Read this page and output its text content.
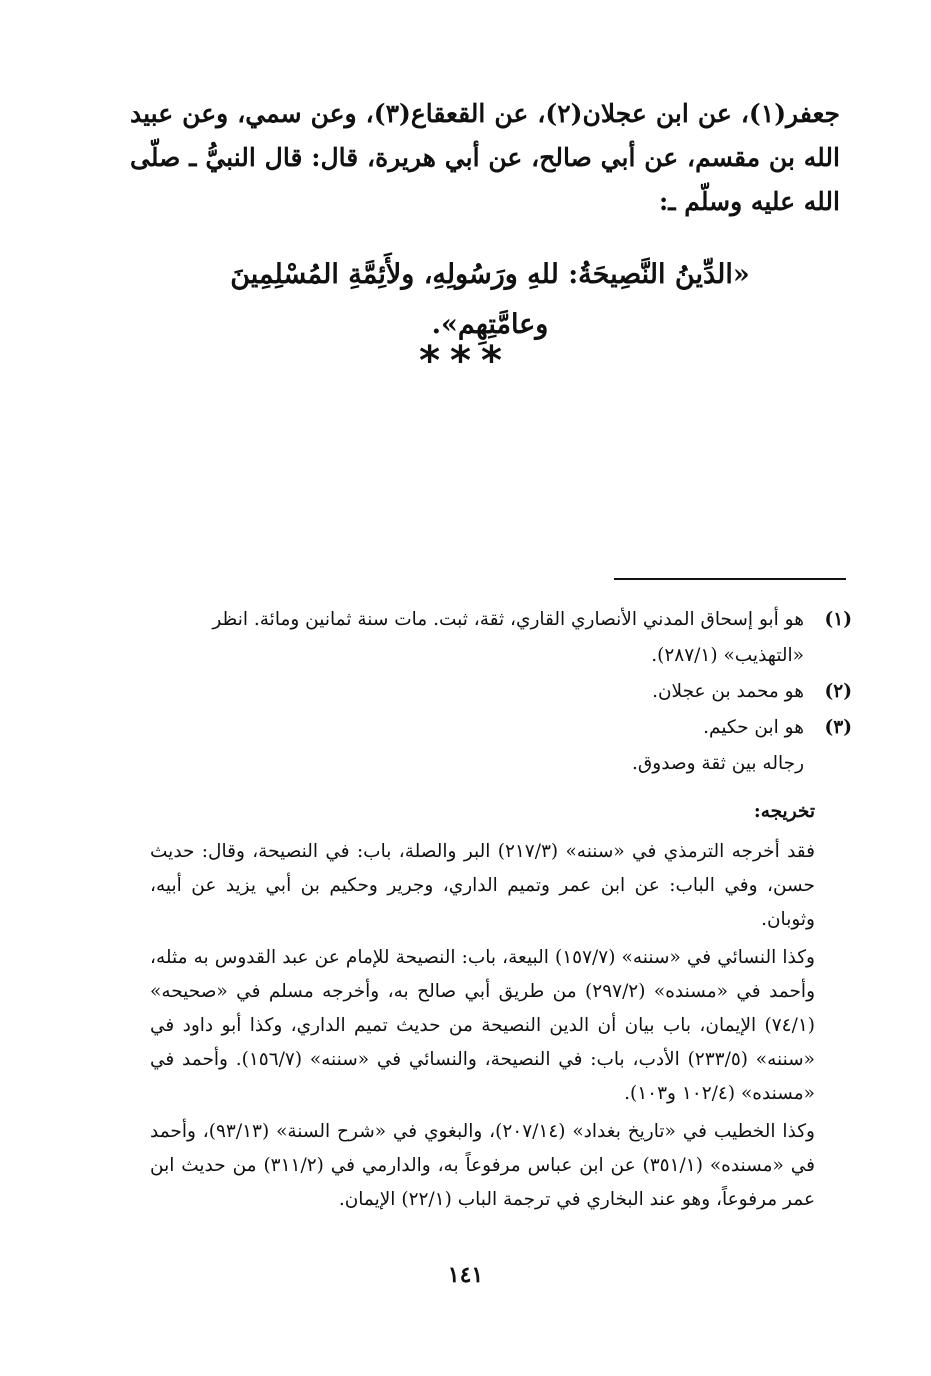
جعفر(١)، عن ابن عجلان(٢)، عن القعقاع(٣)، وعن سمي، وعن عبيد الله بن مقسم، عن أبي صالح، عن أبي هريرة، قال: قال النبيُّ ـ صلّى الله عليه وسلّم ـ:

«الدِّينُ النَّصِيحَةُ: للهِ ورَسُولِهِ، ولأَئِمَّةِ المُسْلِمِينَ وعامَّتِهِم».
***
(١)
هو أبو إسحاق المدني الأنصاري القاري، ثقة، ثبت. مات سنة ثمانين ومائة. انظر «التهذيب» (٢٨٧/١).
(٢)
هو محمد بن عجلان.
(٣)
هو ابن حكيم.

رجاله بين ثقة وصدوق.

تخريجه:

فقد أخرجه الترمذي في «سننه» (٢١٧/٣) البر والصلة، باب: في النصيحة، وقال: حديث حسن، وفي الباب: عن ابن عمر وتميم الداري، وجرير وحكيم بن أبي يزيد عن أبيه، وثوبان.

وكذا النسائي في «سننه» (١٥٧/٧) البيعة، باب: النصيحة للإمام عن عبد القدوس به مثله، وأحمد في «مسنده» (٢٩٧/٢) من طريق أبي صالح به، وأخرجه مسلم في «صحيحه» (٧٤/١) الإيمان، باب بيان أن الدين النصيحة من حديث تميم الداري، وكذا أبو داود في «سننه» (٢٣٣/٥) الأدب، باب: في النصيحة، والنسائي في «سننه» (١٥٦/٧). وأحمد في «مسنده» (١٠٢/٤ و١٠٣).

وكذا الخطيب في «تاريخ بغداد» (٢٠٧/١٤)، والبغوي في «شرح السنة» (٩٣/١٣)، وأحمد في «مسنده» (٣٥١/١) عن ابن عباس مرفوعاً به، والدارمي في (٣١١/٢) من حديث ابن عمر مرفوعاً، وهو عند البخاري في ترجمة الباب (٢٢/١) الإيمان.

١٤١
